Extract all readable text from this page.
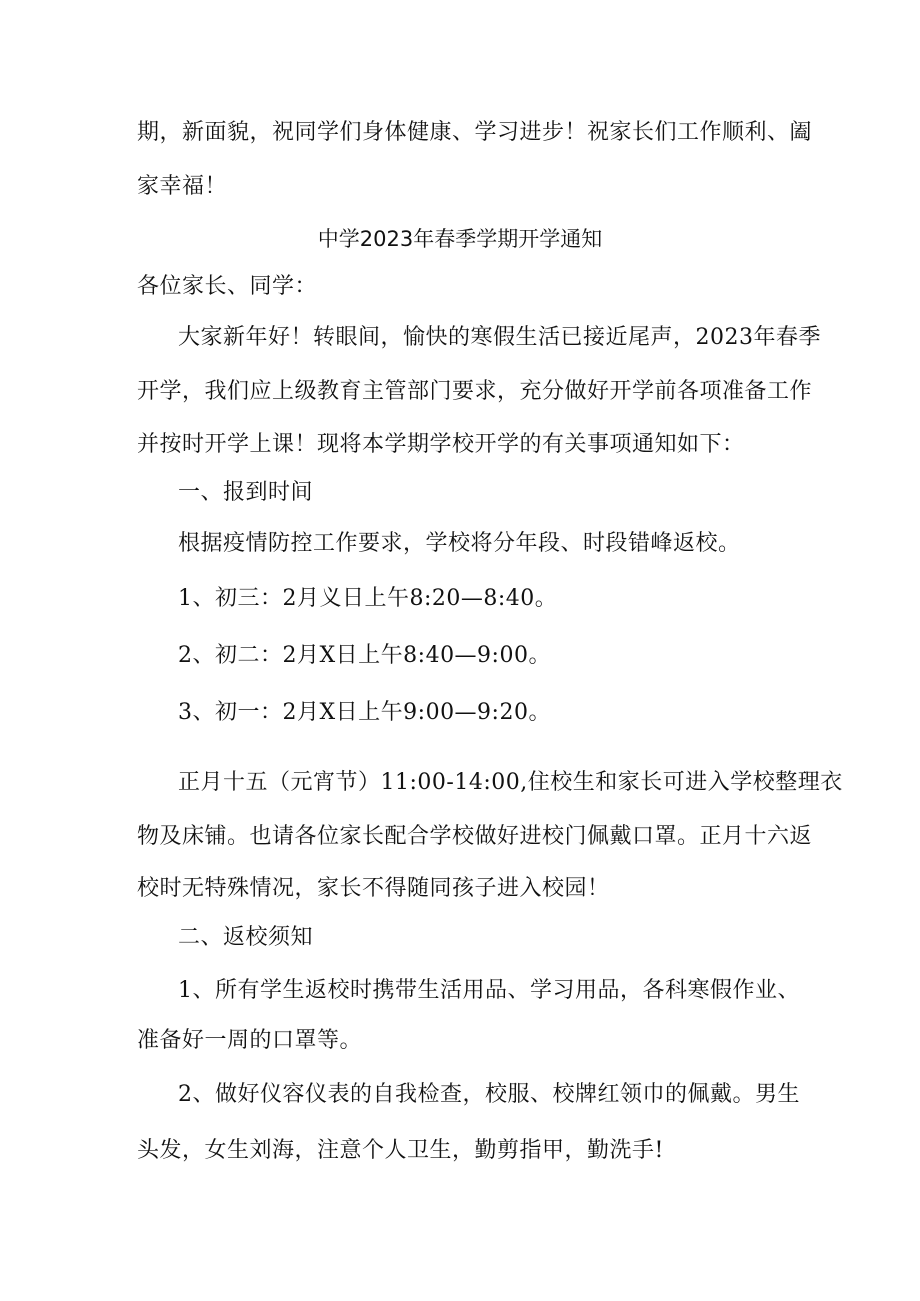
期，新面貌，祝同学们身体健康、学习进步！祝家长们工作顺利、阖
家幸福！
中学2023年春季学期开学通知
各位家长、同学：
大家新年好！转眼间，愉快的寒假生活已接近尾声，2023年春季
开学，我们应上级教育主管部门要求，充分做好开学前各项准备工作
并按时开学上课！现将本学期学校开学的有关事项通知如下：
一、报到时间
根据疫情防控工作要求，学校将分年段、时段错峰返校。
1、初三：2月义日上午8:20—8:40。
2、初二：2月X日上午8:40—9:00。
3、初一：2月X日上午9:00—9:20。
正月十五（元宵节）11:00-14:00,住校生和家长可进入学校整理衣
物及床铺。也请各位家长配合学校做好进校门佩戴口罩。正月十六返
校时无特殊情况，家长不得随同孩子进入校园！
二、返校须知
1、所有学生返校时携带生活用品、学习用品，各科寒假作业、
准备好一周的口罩等。
2、做好仪容仪表的自我检查，校服、校牌红领巾的佩戴。男生
头发，女生刘海，注意个人卫生，勤剪指甲，勤洗手!
